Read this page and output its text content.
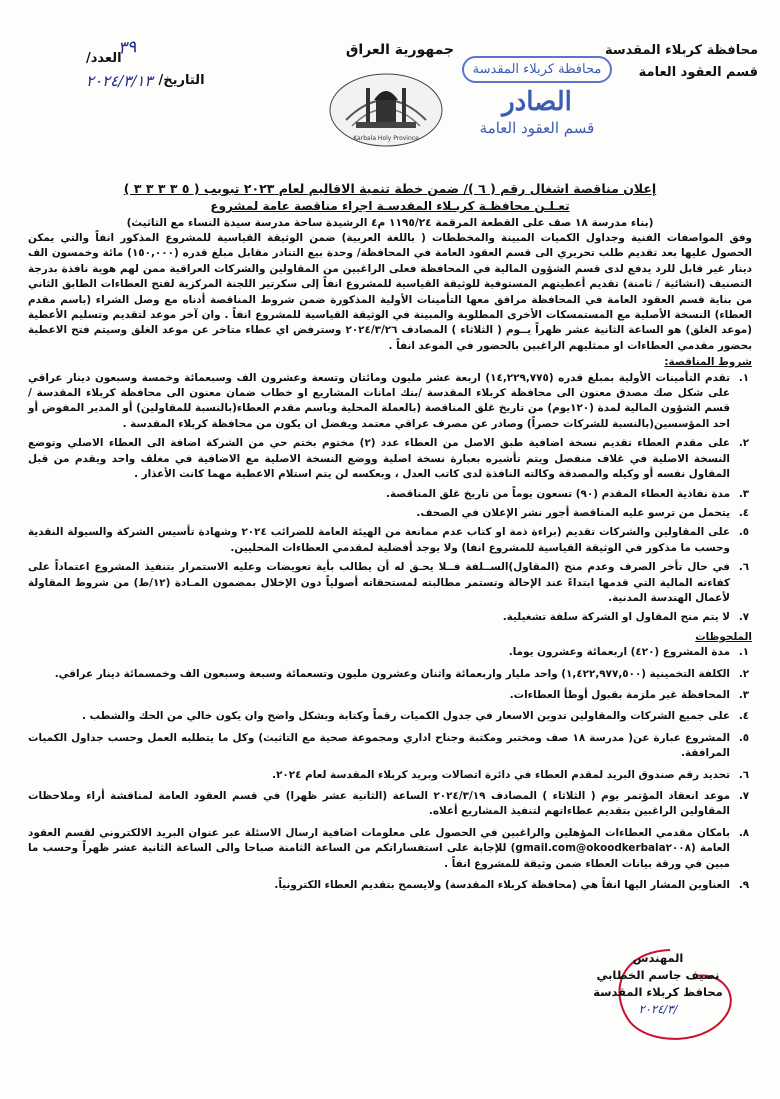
محافظة كربلاء المقدسة
قسم العقود العامة
جمهورية العراق
Karbala Holy Province
محافظة كربلاء المقدسة
الصادر
قسم العقود العامة
العدد/
التاريخ/
٢٠٢٤/٣/١٣
٣٩
إعلان مناقصة اشغال رقم ( ٦ )/ ضمن خطة تنمية الاقاليم لعام ٢٠٢٣ تبويب ( ٥ ٣ ٣ ٣ ٣ )
تعـلـن محافظـة كربـلاء المقدسـة اجراء مناقصة عامة لمشروع
(بناء مدرسة ١٨ صف على القطعة المرقمة ١١٩٥/٢٤ م٤ الرشيدة ساحة مدرسة سيدة النساء مع التاثيث)

وفق المواصفات الفنية وجداول الكميات المبينة والمخططات ( باللغة العربية) ضمن الوثيقة القياسية للمشروع المذكور انفاً والتي يمكن الحصول عليها بعد تقديم طلب تحريري الى قسم العقود العامة في المحافظة/ وحدة بيع التنادر مقابل مبلغ قدره (١٥٠,٠٠٠) مائة وخمسون الف دينار غير قابل للرد يدفع لدى قسم الشؤون المالية في المحافظة فعلى الراغبين من المقاولين والشركات العراقية ممن لهم هوية نافذة بدرجة التصنيف (انشائية / ثامنة) تقديم أعطيتهم المستوفية للوثيقة القياسية للمشروع انفاً إلى سكرتير اللجنة المركزية لفتح العطاءات الطابق الثاني من بناية قسم العقود العامة في المحافظة مرافق معها التأمينات الأولية المذكورة ضمن شروط المناقصة أدناه مع وصل الشراء (باسم مقدم العطاء) النسخة الأصلية مع المستمسكات الأخرى المطلوبة والمبينة في الوثيقة القياسية للمشروع انفاً . وان آخر موعد لتقديم وتسليم الأعطية (موعد الغلق) هو الساعة الثانية عشر ظهراً يــوم ( الثلاثاء ) المصادف ٢٠٢٤/٣/٢٦ وسترفض اي عطاء متاخر عن موعد الغلق وسيتم فتح الاعطية بحضور مقدمي العطاءات او ممثليهم الراغبين بالحضور في الموعد انفاً .

شروط المناقصة:
١.
تقدم التأمينات الأولية بمبلغ قدره (١٤,٢٢٩,٧٧٥) اربعة عشر مليون ومائتان وتسعة وعشرون الف وسبعمائة وخمسة وسبعون دينار عراقي على شكل صك مصدق معنون الى محافظة كربلاء المقدسة /بنك امانات المشاريع او خطاب ضمان معنون الى محافظة كربلاء المقدسة / قسم الشؤون المالية لمدة (١٢٠يوم) من تاريخ غلق المناقصة (بالعملة المحلية وباسم مقدم العطاء(بالنسبة للمقاولين) أو المدير المفوض أو احد المؤسسين(بالنسبة للشركات حصراً) وصادر عن مصرف عراقي معتمد ويفضل ان يكون من محافظة كربلاء المقدسة .
٢.
على مقدم العطاء تقديم نسخة اضافية طبق الاصل من العطاء عدد (٢) مختوم بختم حي من الشركة اضافة الى العطاء الاصلي وتوضع النسخة الاصلية في غلاف منفصل ويتم تأشيره بعبارة نسخة اصلية ووضع النسخة الاصلية مع الاضافية في مغلف واحد ويقدم من قبل المقاول نفسه أو وكيله والمصدقة وكالته النافذة لدى كاتب العدل ، وبعكسه لن يتم استلام الاعطية مهما كانت الأعذار .
٣.
مدة نفاذية العطاء المقدم (٩٠) تسعون يوماً من تاريخ غلق المناقصة.
٤.
يتحمل من ترسو عليه المناقصة أجور نشر الإعلان في الصحف.
٥.
على المقاولين والشركات تقديم (براءة ذمة او كتاب عدم ممانعة من الهيئة العامة للضرائب ٢٠٢٤ وشهادة تأسيس الشركة والسيولة النقدية وحسب ما مذكور في الوثيقة القياسية للمشروع انفا) ولا يوجد أفضلية لمقدمي العطاءات المحليين.
٦.
في حال تأخر الصرف وعدم منح (المقاول)الســلفة فــلا يحـق له أن يطالب بأية تعويضات وعليه الاستمرار بتنفيذ المشروع اعتماداً على كفاءته المالية التي قدمها ابتداءً عند الإحالة وتستمر مطالبته لمستحقاته أصولياً دون الإخلال بمضمون المـادة (١٢/ط) من شروط المقاولة لأعمال الهندسة المدنية.
٧.
لا يتم منح المقاول او الشركة سلفة تشغيلية.
الملحوظات
١.
مدة المشروع (٤٢٠) اربعمائة وعشرون يوما.
٢.
الكلفة التخمينية (١,٤٢٢,٩٧٧,٥٠٠) واحد مليار واربعمائة واثنان وعشرون مليون وتسعمائة وسبعة وسبعون الف وخمسمائة دينار عراقي.
٣.
المحافظة غير ملزمة بقبول أوطأ العطاءات.
٤.
على جميع الشركات والمقاولين تدوين الاسعار في جدول الكميات رقماً وكتابة وبشكل واضح وان يكون خالي من الحك والشطب .
٥.
المشروع عبارة عن( مدرسة ١٨ صف ومختبر ومكتبة وجناح اداري ومجموعة صحية مع التاثيث) وكل ما يتطلبه العمل وحسب جداول الكميات المرافقة.
٦.
تحديد رقم صندوق البريد لمقدم العطاء في دائرة اتصالات وبريد كربلاء المقدسة لعام ٢٠٢٤.
٧.
موعد انعقاد المؤتمر يوم ( الثلاثاء ) المصادف ٢٠٢٤/٣/١٩ الساعة (الثانية عشر ظهرا) في قسم العقود العامة لمناقشة أراء وملاحظات المقاولين الراغبين بتقديم عطاءاتهم لتنفيذ المشاريع أعلاه.
٨.
بامكان مقدمي العطاءات المؤهلين والراغبين في الحصول على معلومات اضافية ارسال الاسئلة عبر عنوان البريد الالكتروني لقسم العقود العامة (okoodkerbala٢٠٠٨@gmail.com) للإجابة على استفساراتكم من الساعة الثامنة صباحا والى الساعة الثانية عشر ظهراً وحسب ما مبين في ورقة بيانات العطاء ضمن وثيقة للمشروع انفاً .
٩.
العناوين المشار اليها انفاً هي (محافظة كربلاء المقدسة) ولايسمح بتقديم العطاء الكترونياً.
المهندس
نصيف جاسم الخطابي
محافظ كربلاء المقدسة
٢٠٢٤/٣/
